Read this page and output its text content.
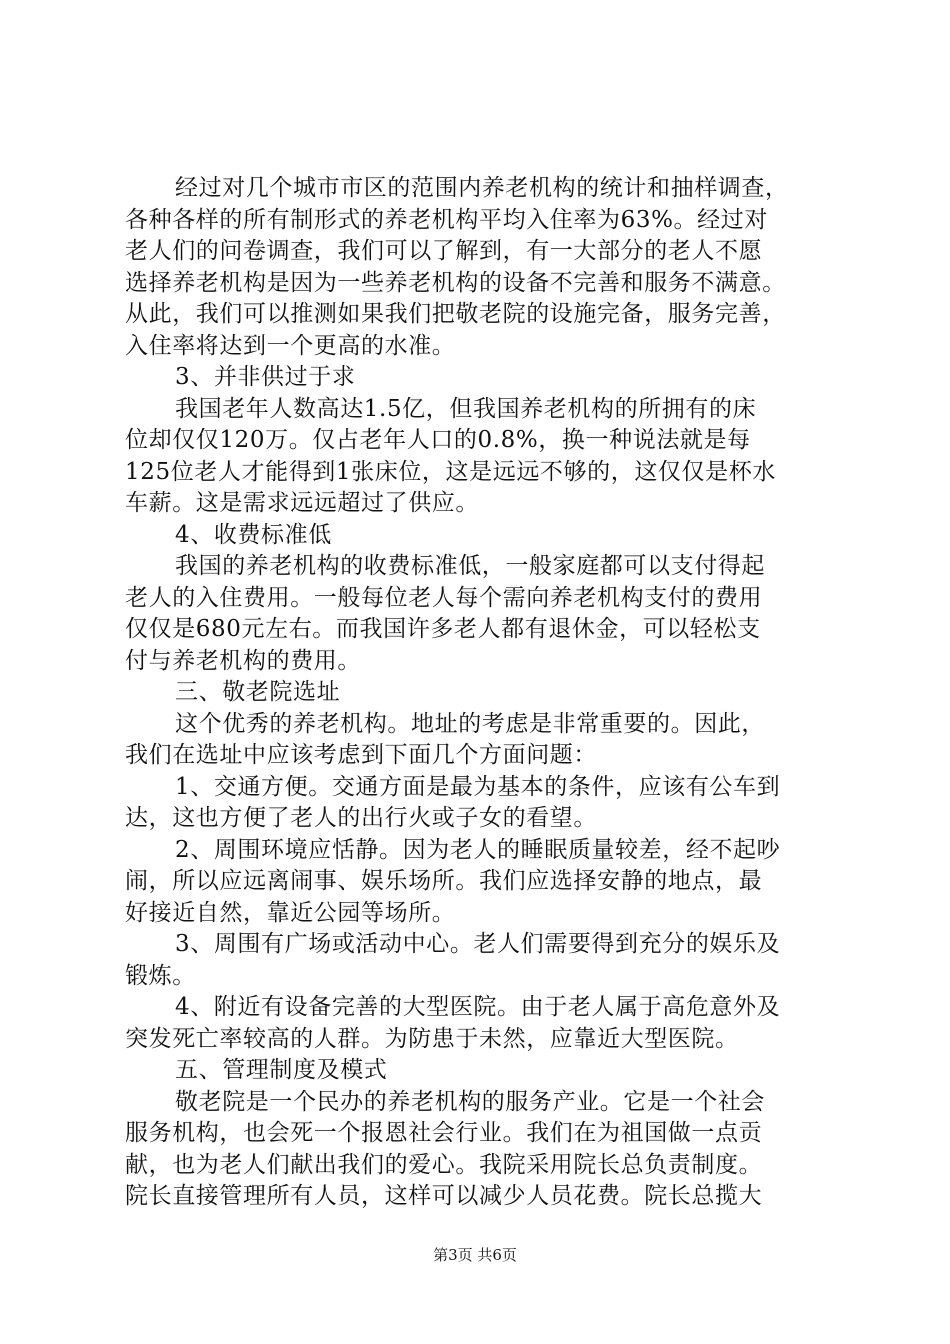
经过对几个城市市区的范围内养老机构的统计和抽样调查，
各种各样的所有制形式的养老机构平均入住率为63%。经过对
老人们的问卷调查，我们可以了解到，有一大部分的老人不愿
选择养老机构是因为一些养老机构的设备不完善和服务不满意。
从此，我们可以推测如果我们把敬老院的设施完备，服务完善，
入住率将达到一个更高的水准。
3、并非供过于求
我国老年人数高达1.5亿，但我国养老机构的所拥有的床
位却仅仅120万。仅占老年人口的0.8%，换一种说法就是每
125位老人才能得到1张床位，这是远远不够的，这仅仅是杯水
车薪。这是需求远远超过了供应。
4、收费标准低
我国的养老机构的收费标准低，一般家庭都可以支付得起
老人的入住费用。一般每位老人每个需向养老机构支付的费用
仅仅是680元左右。而我国许多老人都有退休金，可以轻松支
付与养老机构的费用。
三、敬老院选址
这个优秀的养老机构。地址的考虑是非常重要的。因此，
我们在选址中应该考虑到下面几个方面问题：
1、交通方便。交通方面是最为基本的条件，应该有公车到
达，这也方便了老人的出行火或子女的看望。
2、周围环境应恬静。因为老人的睡眠质量较差，经不起吵
闹，所以应远离闹事、娱乐场所。我们应选择安静的地点，最
好接近自然，靠近公园等场所。
3、周围有广场或活动中心。老人们需要得到充分的娱乐及
锻炼。
4、附近有设备完善的大型医院。由于老人属于高危意外及
突发死亡率较高的人群。为防患于未然，应靠近大型医院。
五、管理制度及模式
敬老院是一个民办的养老机构的服务产业。它是一个社会
服务机构，也会死一个报恩社会行业。我们在为祖国做一点贡
献，也为老人们献出我们的爱心。我院采用院长总负责制度。
院长直接管理所有人员，这样可以减少人员花费。院长总揽大
第3页 共6页
